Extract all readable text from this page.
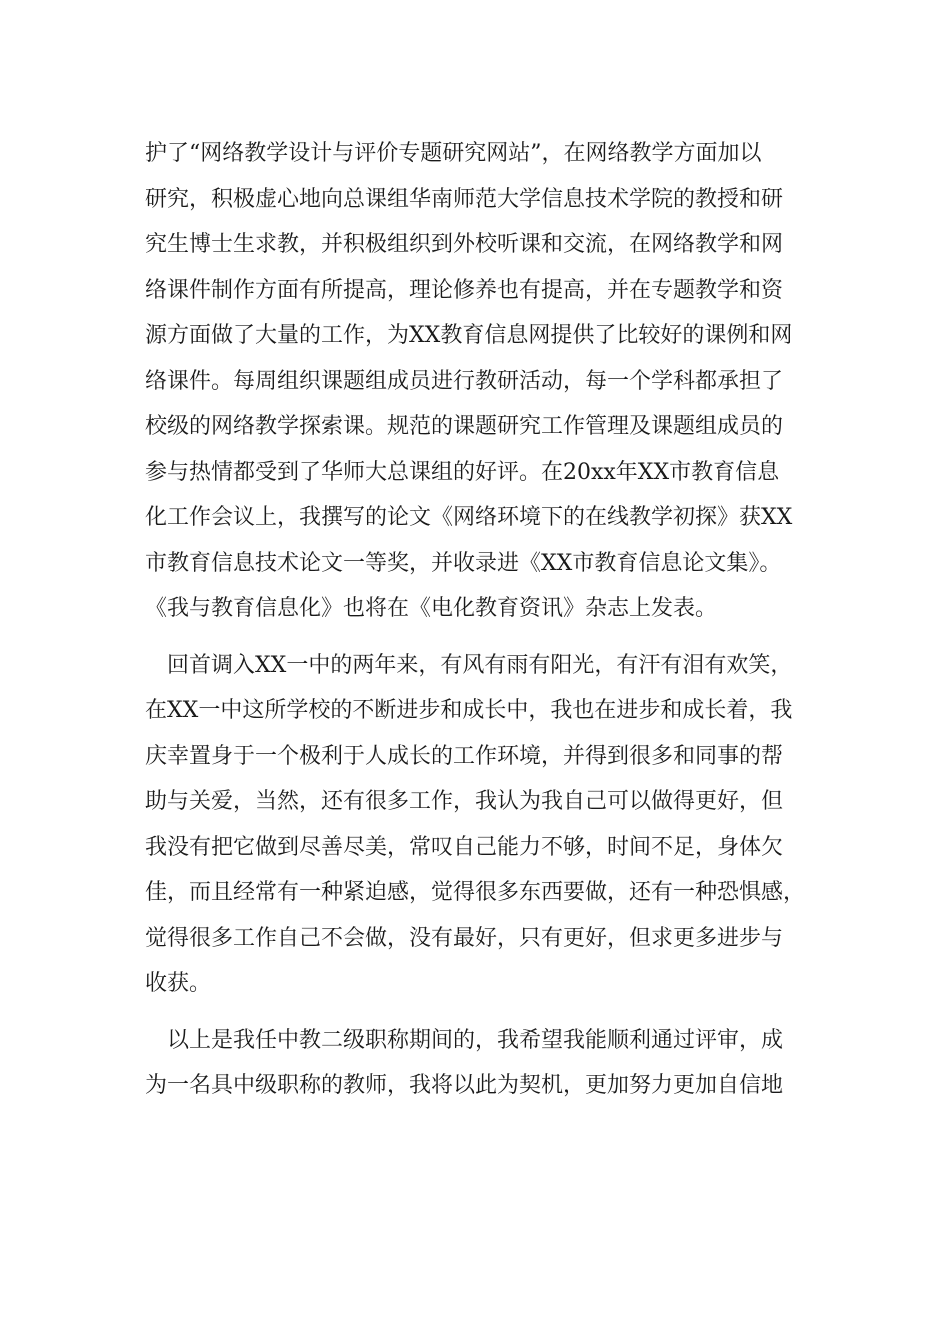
护了“网络教学设计与评价专题研究网站”，在网络教学方面加以
研究，积极虚心地向总课组华南师范大学信息技术学院的教授和研
究生博士生求教，并积极组织到外校听课和交流，在网络教学和网
络课件制作方面有所提高，理论修养也有提高，并在专题教学和资
源方面做了大量的工作，为XX教育信息网提供了比较好的课例和网
络课件。每周组织课题组成员进行教研活动，每一个学科都承担了
校级的网络教学探索课。规范的课题研究工作管理及课题组成员的
参与热情都受到了华师大总课组的好评。在20xx年XX市教育信息
化工作会议上，我撰写的论文《网络环境下的在线教学初探》获XX
市教育信息技术论文一等奖，并收录进《XX市教育信息论文集》。
《我与教育信息化》也将在《电化教育资讯》杂志上发表。
　回首调入XX一中的两年来，有风有雨有阳光，有汗有泪有欢笑，
在XX一中这所学校的不断进步和成长中，我也在进步和成长着，我
庆幸置身于一个极利于人成长的工作环境，并得到很多和同事的帮
助与关爱，当然，还有很多工作，我认为我自己可以做得更好，但
我没有把它做到尽善尽美，常叹自己能力不够，时间不足，身体欠
佳，而且经常有一种紧迫感，觉得很多东西要做，还有一种恐惧感，
觉得很多工作自己不会做，没有最好，只有更好，但求更多进步与
收获。
　以上是我任中教二级职称期间的，我希望我能顺利通过评审，成
为一名具中级职称的教师，我将以此为契机，更加努力更加自信地
